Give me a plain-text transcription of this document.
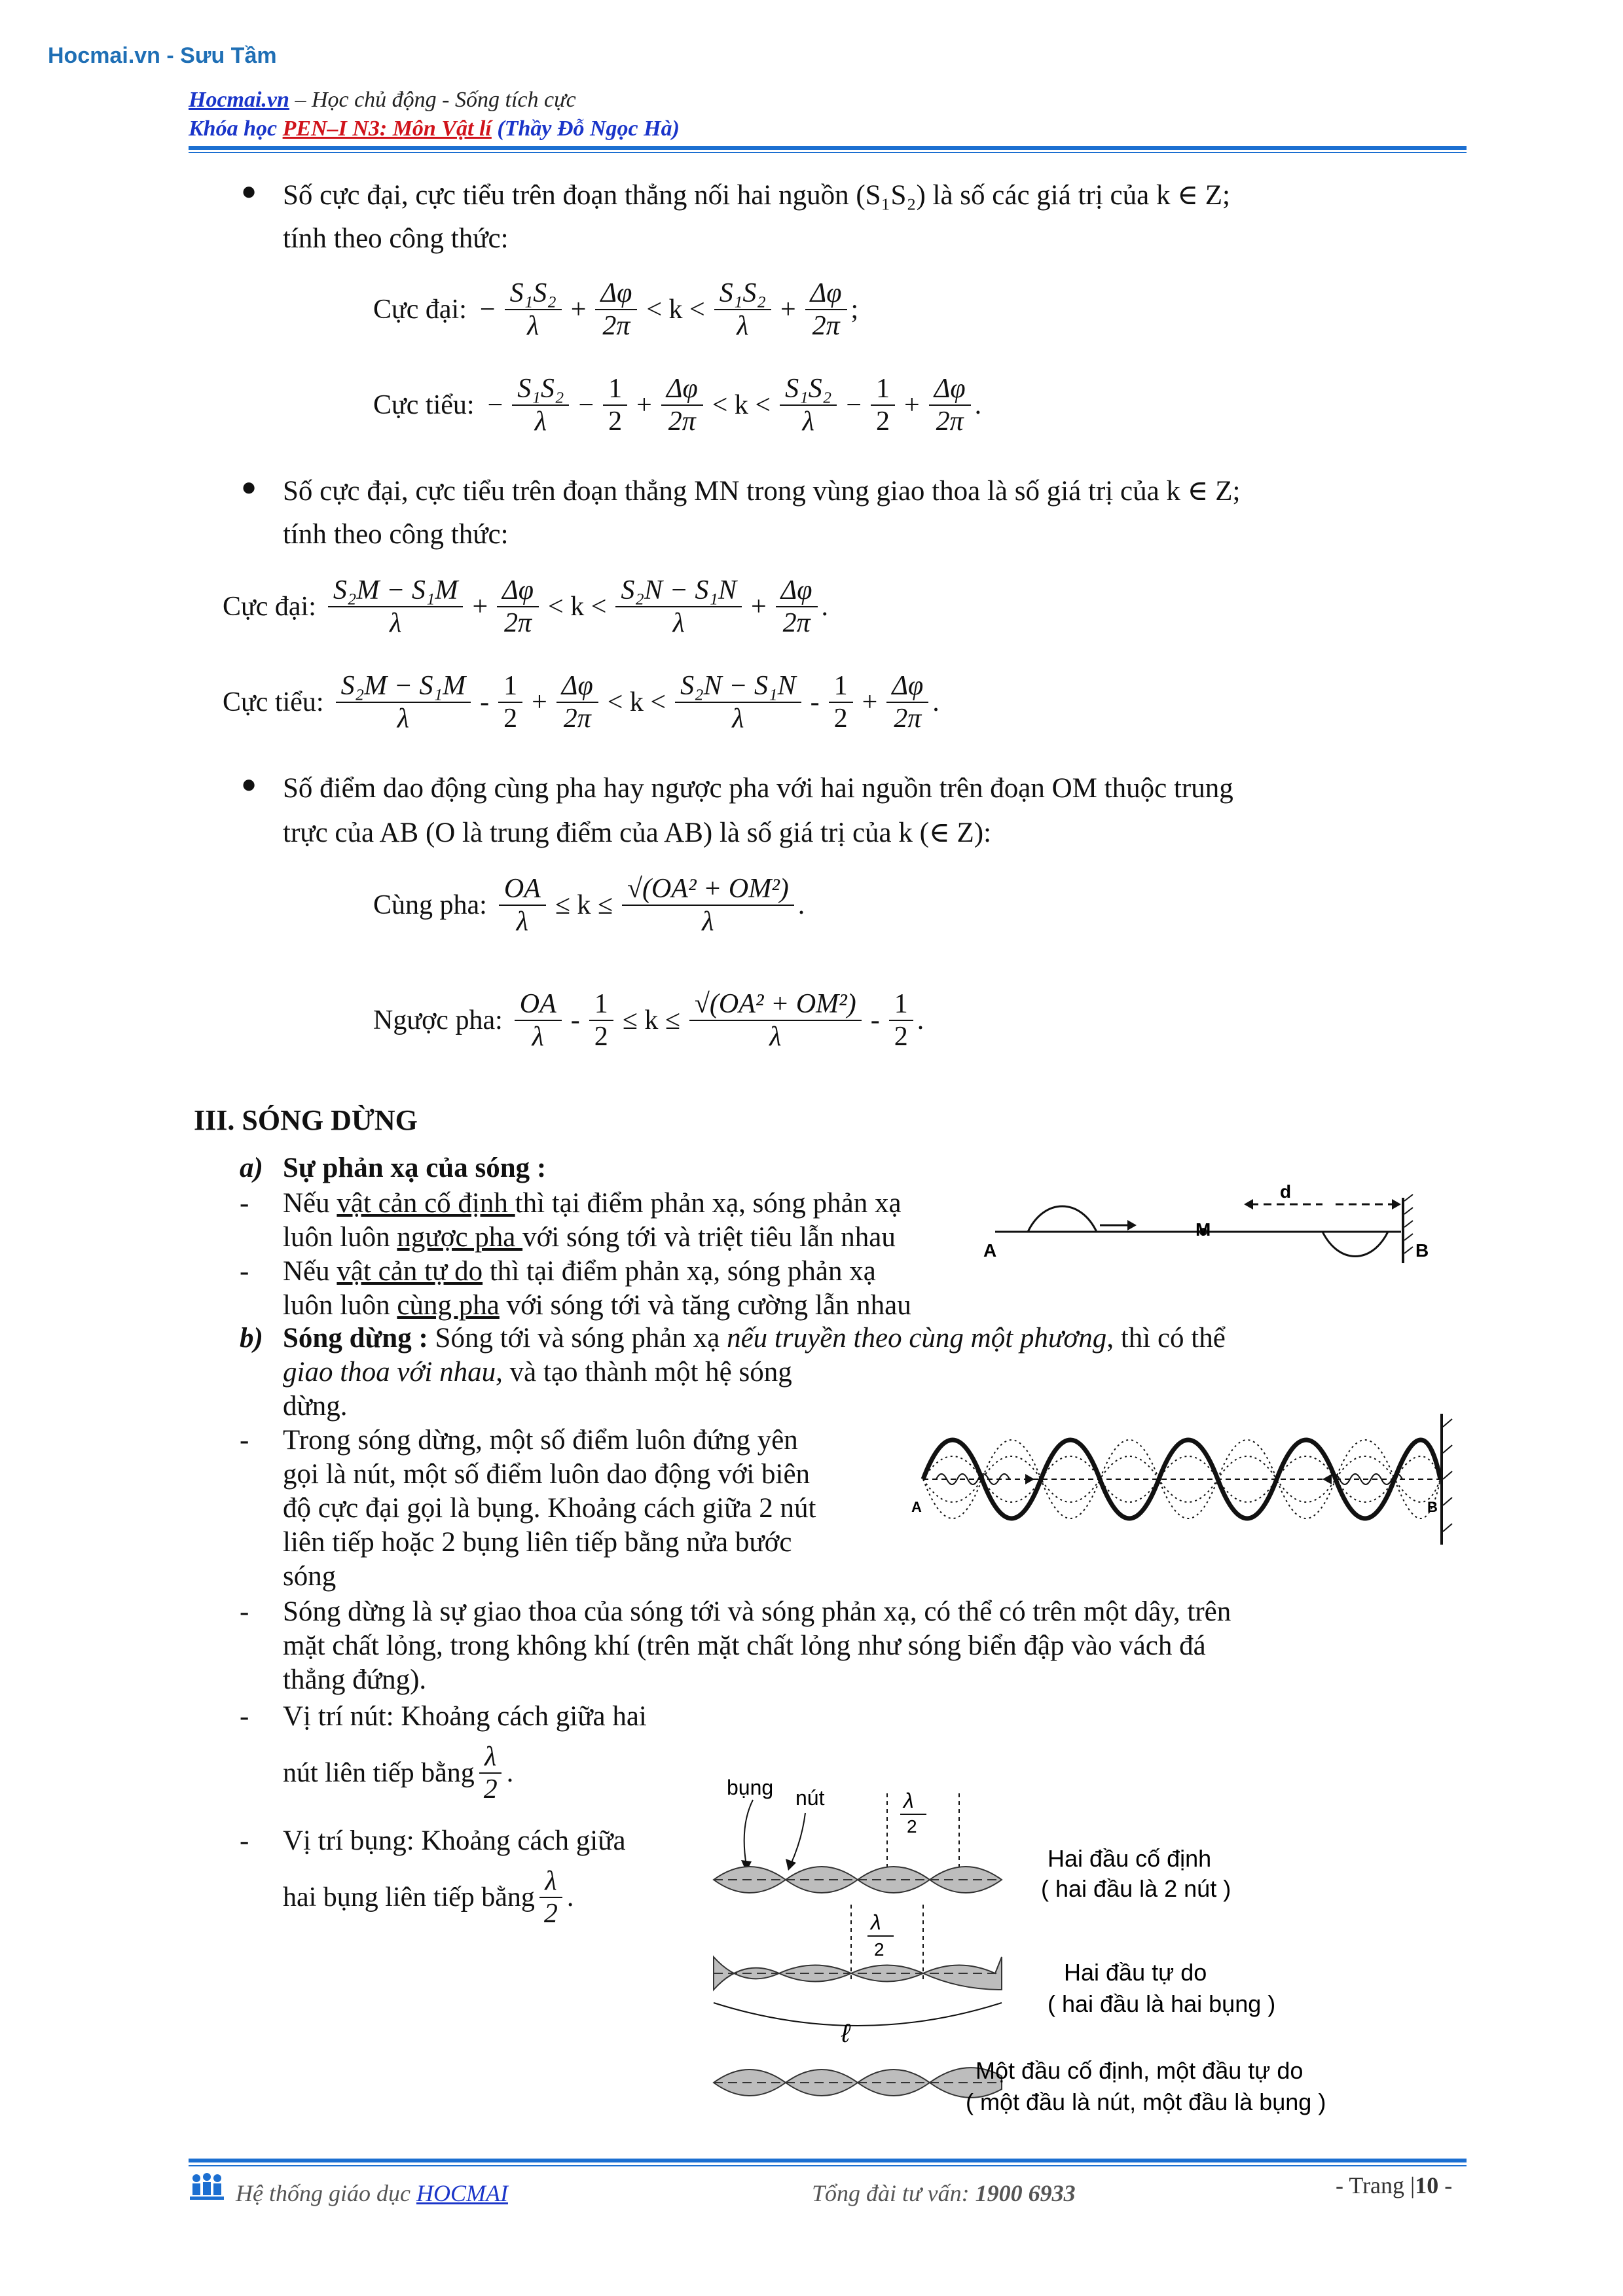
Hocmai.vn - Sưu Tầm
Hocmai.vn – Học chủ động - Sống tích cực
Khóa học PEN–I N3: Môn Vật lí (Thầy Đỗ Ngọc Hà)
● Số cực đại, cực tiểu trên đoạn thẳng nối hai nguồn (S₁S₂) là số các giá trị của k ∈ Z;
tính theo công thức:
Cực đại: − $\frac{\text{S₁S₂}}{\lambda} + \frac{\Delta\varphi}{2\pi} < k < \frac{\text{S₁S₂}}{\lambda} + \frac{\Delta\varphi}{2\pi}$ ;
Cực tiểu: − $\frac{\text{S₁S₂}}{\lambda} - \frac{1}{2} + \frac{\Delta\varphi}{2\pi} < k < \frac{\text{S₁S₂}}{\lambda} - \frac{1}{2} + \frac{\Delta\varphi}{2\pi}$ .
● Số cực đại, cực tiểu trên đoạn thẳng MN trong vùng giao thoa là số giá trị của k ∈ Z;
tính theo công thức:
Cực đại: $\frac{\text{S₂M − S₁M}}{\lambda} + \frac{\Delta\varphi}{2\pi} < k < \frac{\text{S₂N − S₁N}}{\lambda} + \frac{\Delta\varphi}{2\pi}$ .
Cực tiểu: $\frac{\text{S₂M − S₁M}}{\lambda} - \frac{1}{2} + \frac{\Delta\varphi}{2\pi} < k < \frac{\text{S₂N − S₁N}}{\lambda} - \frac{1}{2} + \frac{\Delta\varphi}{2\pi}$ .
● Số điểm dao động cùng pha hay ngược pha với hai nguồn trên đoạn OM thuộc trung
trực của AB (O là trung điểm của AB) là số giá trị của k (∈ Z):
Cùng pha: $\frac{OA}{\lambda} \le k \le \frac{\text{√(OA² + OM²)}}{\lambda}$ .
Ngược pha: $\frac{OA}{\lambda} - \frac{1}{2} \le k \le \frac{\text{√(OA² + OM²)}}{\lambda} - \frac{1}{2}$ .
III. SÓNG DỪNG
a) Sự phản xạ của sóng :
- Nếu vật cản cố định thì tại điểm phản xạ, sóng phản xạ
luôn luôn ngược pha với sóng tới và triệt tiêu lẫn nhau
- Nếu vật cản tự do thì tại điểm phản xạ, sóng phản xạ
luôn luôn cùng pha với sóng tới và tăng cường lẫn nhau
A
M
d
B
b) Sóng dừng : Sóng tới và sóng phản xạ nếu truyền theo cùng một phương, thì có thể
giao thoa với nhau, và tạo thành một hệ sóng
dừng.
- Trong sóng dừng, một số điểm luôn đứng yên
gọi là nút, một số điểm luôn dao động với biên
độ cực đại gọi là bụng. Khoảng cách giữa 2 nút
liên tiếp hoặc 2 bụng liên tiếp bằng nửa bước
sóng
A	B
- Sóng dừng là sự giao thoa của sóng tới và sóng phản xạ, có thể có trên một dây, trên
mặt chất lỏng, trong không khí (trên mặt chất lỏng như sóng biển đập vào vách đá
thẳng đứng).
- Vị trí nút: Khoảng cách giữa hai
nút liên tiếp bằng $\frac{\lambda}{2}$ .
- Vị trí bụng: Khoảng cách giữa
hai bụng liên tiếp bằng $\frac{\lambda}{2}$ .
bụng nút	λ
2
Hai đầu cố định
( hai đầu là 2 nút )
λ
2
ℓ
Hai đầu tự do
( hai đầu là hai bụng )
Một đầu cố định, một đầu tự do
( một đầu là nút, một đầu là bụng )
Hệ thống giáo dục HOCMAI	Tổng đài tư vấn: 1900 6933	- Trang |10 -
